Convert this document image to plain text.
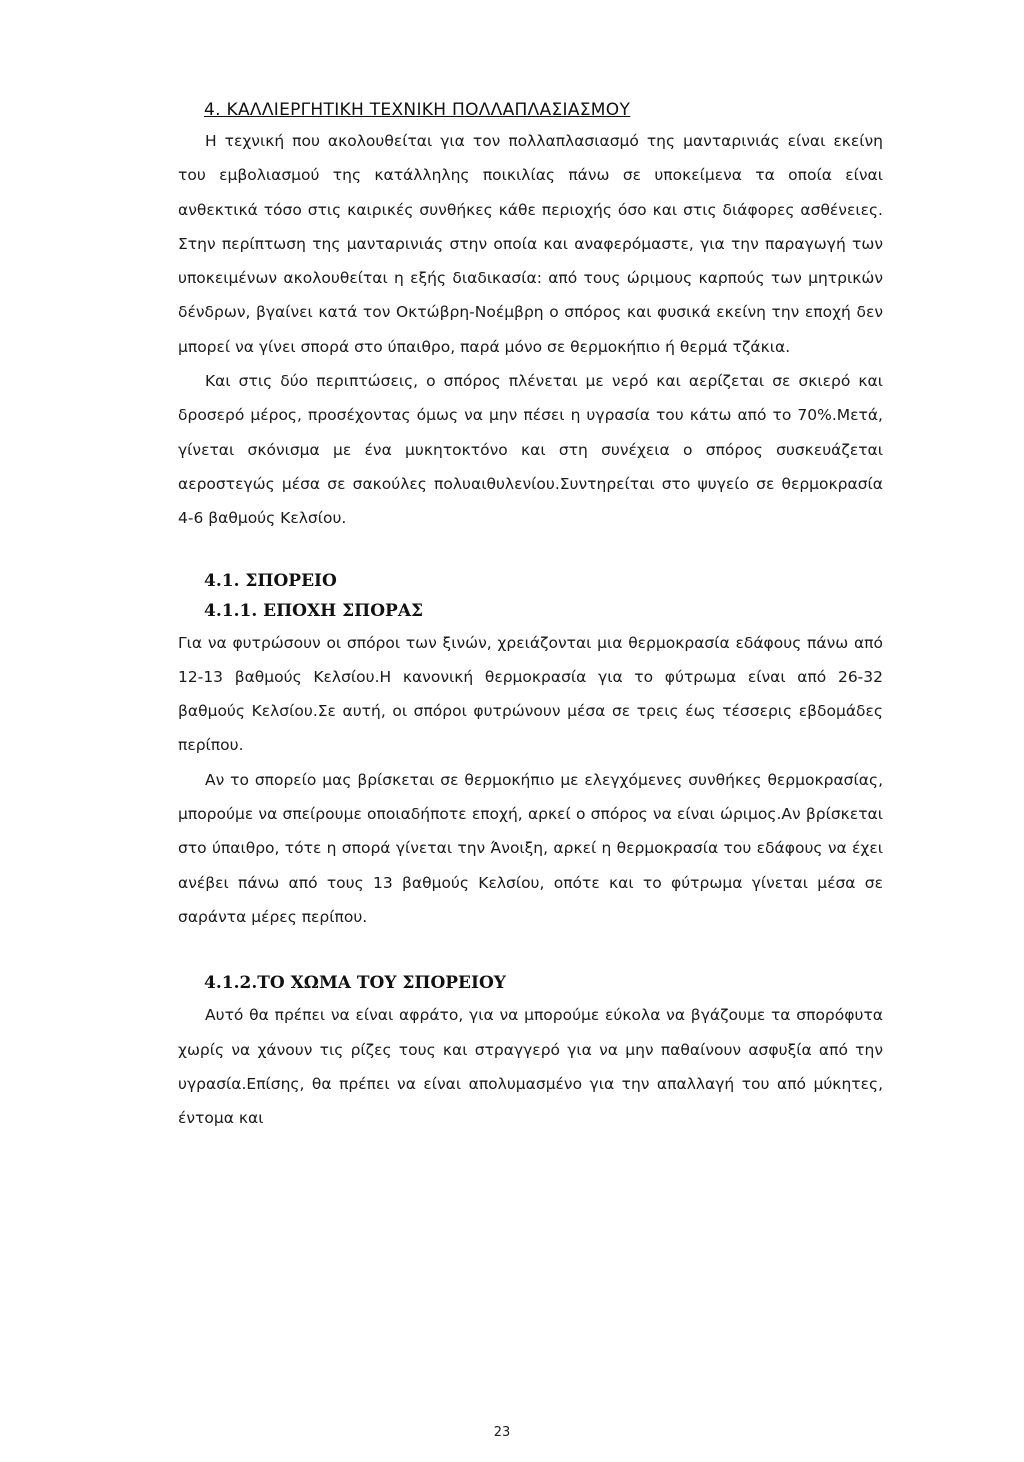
4. ΚΑΛΛΙΕΡΓΗΤΙΚΗ ΤΕΧΝΙΚΗ ΠΟΛΛΑΠΛΑΣΙΑΣΜΟΥ

Η τεχνική που ακολουθείται για τον πολλαπλασιασμό της μανταρινιάς είναι εκείνη του εμβολιασμού της κατάλληλης ποικιλίας πάνω σε υποκείμενα τα οποία είναι ανθεκτικά τόσο στις καιρικές συνθήκες κάθε περιοχής όσο και στις διάφορες ασθένειες. Στην περίπτωση της μανταρινιάς στην οποία και αναφερόμαστε, για την παραγωγή των υποκειμένων ακολουθείται η εξής διαδικασία: από τους ώριμους καρπούς των μητρικών δένδρων, βγαίνει κατά τον Οκτώβρη-Νοέμβρη ο σπόρος και φυσικά εκείνη την εποχή δεν μπορεί να γίνει σπορά στο ύπαιθρο, παρά μόνο σε θερμοκήπιο ή θερμά τζάκια.

Και στις δύο περιπτώσεις, ο σπόρος πλένεται με νερό και αερίζεται σε σκιερό και δροσερό μέρος, προσέχοντας όμως να μην πέσει η υγρασία του κάτω από το 70%.Μετά, γίνεται σκόνισμα με ένα μυκητοκτόνο και στη συνέχεια ο σπόρος συσκευάζεται αεροστεγώς μέσα σε σακούλες πολυαιθυλενίου.Συντηρείται στο ψυγείο σε θερμοκρασία 4-6 βαθμούς Κελσίου.

4.1. ΣΠΟΡΕΙΟ
4.1.1. ΕΠΟΧΗ ΣΠΟΡΑΣ

Για να φυτρώσουν οι σπόροι των ξινών, χρειάζονται μια θερμοκρασία εδάφους πάνω από 12-13 βαθμούς Κελσίου.Η κανονική θερμοκρασία για το φύτρωμα είναι από 26-32 βαθμούς Κελσίου.Σε αυτή, οι σπόροι φυτρώνουν μέσα σε τρεις έως τέσσερις εβδομάδες περίπου.

Αν το σπορείο μας βρίσκεται σε θερμοκήπιο με ελεγχόμενες συνθήκες θερμοκρασίας, μπορούμε να σπείρουμε οποιαδήποτε εποχή, αρκεί ο σπόρος να είναι ώριμος.Αν βρίσκεται στο ύπαιθρο, τότε η σπορά γίνεται την Άνοιξη, αρκεί η θερμοκρασία του εδάφους να έχει ανέβει πάνω από τους 13 βαθμούς Κελσίου, οπότε και το φύτρωμα γίνεται μέσα σε σαράντα μέρες περίπου.

4.1.2.ΤΟ ΧΩΜΑ ΤΟΥ ΣΠΟΡΕΙΟΥ

Αυτό θα πρέπει να είναι αφράτο, για να μπορούμε εύκολα να βγάζουμε τα σπορόφυτα χωρίς να χάνουν τις ρίζες τους και στραγγερό για να μην παθαίνουν ασφυξία από την υγρασία.Επίσης, θα πρέπει να είναι απολυμασμένο για την απαλλαγή του από μύκητες, έντομα και

23
